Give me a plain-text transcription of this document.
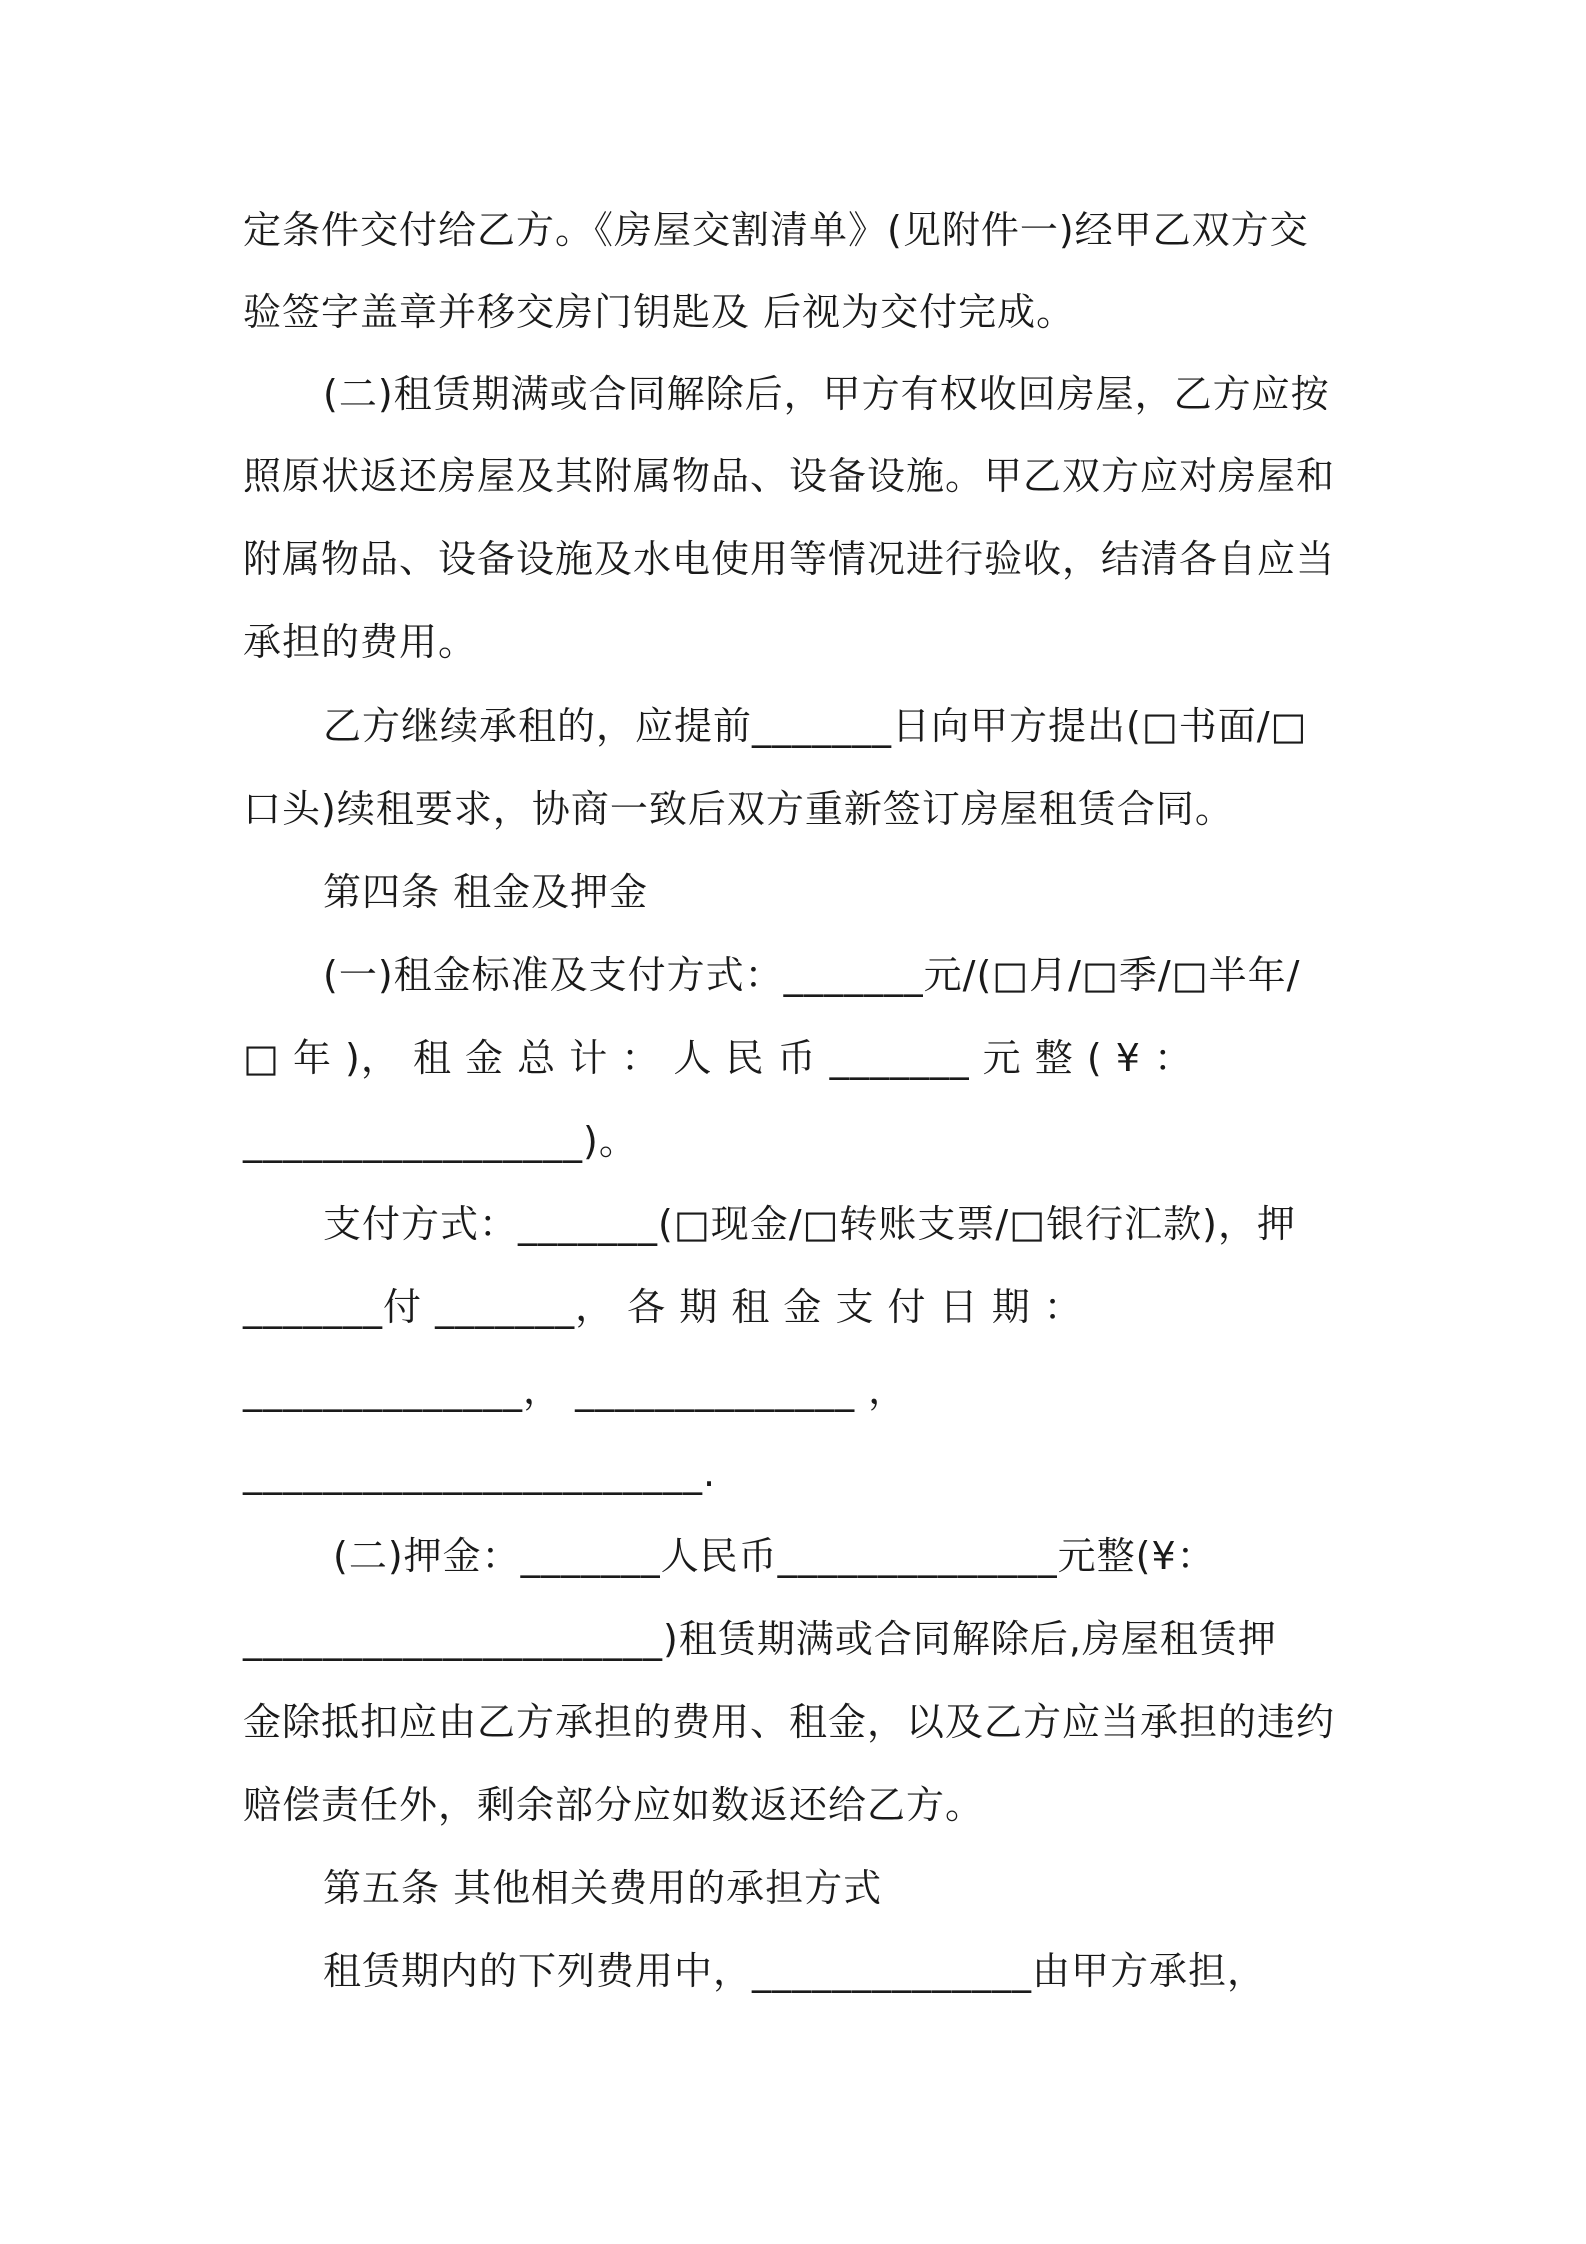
定条件交付给乙方。《房屋交割清单》(见附件一)经甲乙双方交
验签字盖章并移交房门钥匙及 后视为交付完成。
(二)租赁期满或合同解除后，甲方有权收回房屋，乙方应按
照原状返还房屋及其附属物品、设备设施。甲乙双方应对房屋和
附属物品、设备设施及水电使用等情况进行验收，结清各自应当
承担的费用。
乙方继续承租的，应提前_______日向甲方提出(□书面/□
口头)续租要求，协商一致后双方重新签订房屋租赁合同。
第四条 租金及押金
(一)租金标准及支付方式：_______元/(□月/□季/□半年/
□ 年 )， 租 金 总 计 ： 人 民 币 _______ 元 整 ( ¥ ：
_________________)。
支付方式：_______(□现金/□转账支票/□银行汇款)，押
_______付 _______， 各 期 租 金 支 付 日 期 ：
______________， ______________ ，
_______________________.
(二)押金：_______人民币______________元整(¥：
_____________________)租赁期满或合同解除后,房屋租赁押
金除抵扣应由乙方承担的费用、租金，以及乙方应当承担的违约
赔偿责任外，剩余部分应如数返还给乙方。
第五条 其他相关费用的承担方式
租赁期内的下列费用中，______________由甲方承担，
